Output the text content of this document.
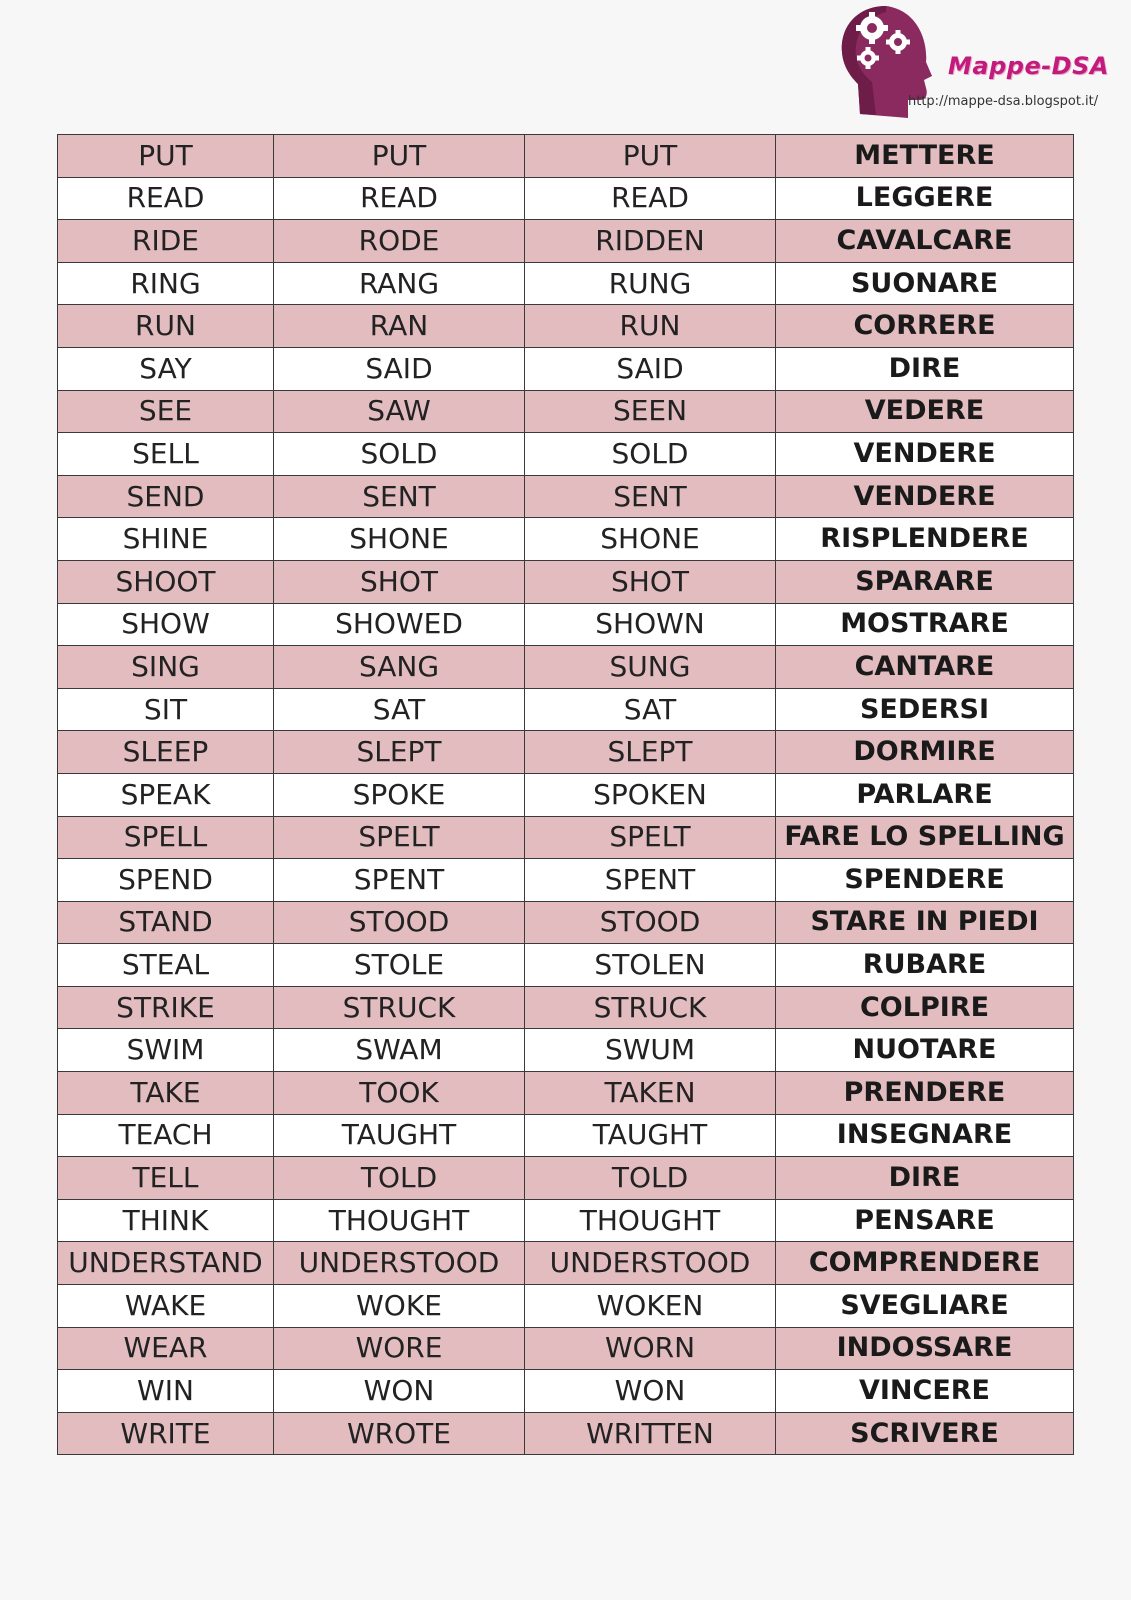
Mappe-DSA
http://mappe-dsa.blogspot.it/
PUT	PUT	PUT	METTERE
READ	READ	READ	LEGGERE
RIDE	RODE	RIDDEN	CAVALCARE
RING	RANG	RUNG	SUONARE
RUN	RAN	RUN	CORRERE
SAY	SAID	SAID	DIRE
SEE	SAW	SEEN	VEDERE
SELL	SOLD	SOLD	VENDERE
SEND	SENT	SENT	VENDERE
SHINE	SHONE	SHONE	RISPLENDERE
SHOOT	SHOT	SHOT	SPARARE
SHOW	SHOWED	SHOWN	MOSTRARE
SING	SANG	SUNG	CANTARE
SIT	SAT	SAT	SEDERSI
SLEEP	SLEPT	SLEPT	DORMIRE
SPEAK	SPOKE	SPOKEN	PARLARE
SPELL	SPELT	SPELT	FARE LO SPELLING
SPEND	SPENT	SPENT	SPENDERE
STAND	STOOD	STOOD	STARE IN PIEDI
STEAL	STOLE	STOLEN	RUBARE
STRIKE	STRUCK	STRUCK	COLPIRE
SWIM	SWAM	SWUM	NUOTARE
TAKE	TOOK	TAKEN	PRENDERE
TEACH	TAUGHT	TAUGHT	INSEGNARE
TELL	TOLD	TOLD	DIRE
THINK	THOUGHT	THOUGHT	PENSARE
UNDERSTAND	UNDERSTOOD	UNDERSTOOD	COMPRENDERE
WAKE	WOKE	WOKEN	SVEGLIARE
WEAR	WORE	WORN	INDOSSARE
WIN	WON	WON	VINCERE
WRITE	WROTE	WRITTEN	SCRIVERE
